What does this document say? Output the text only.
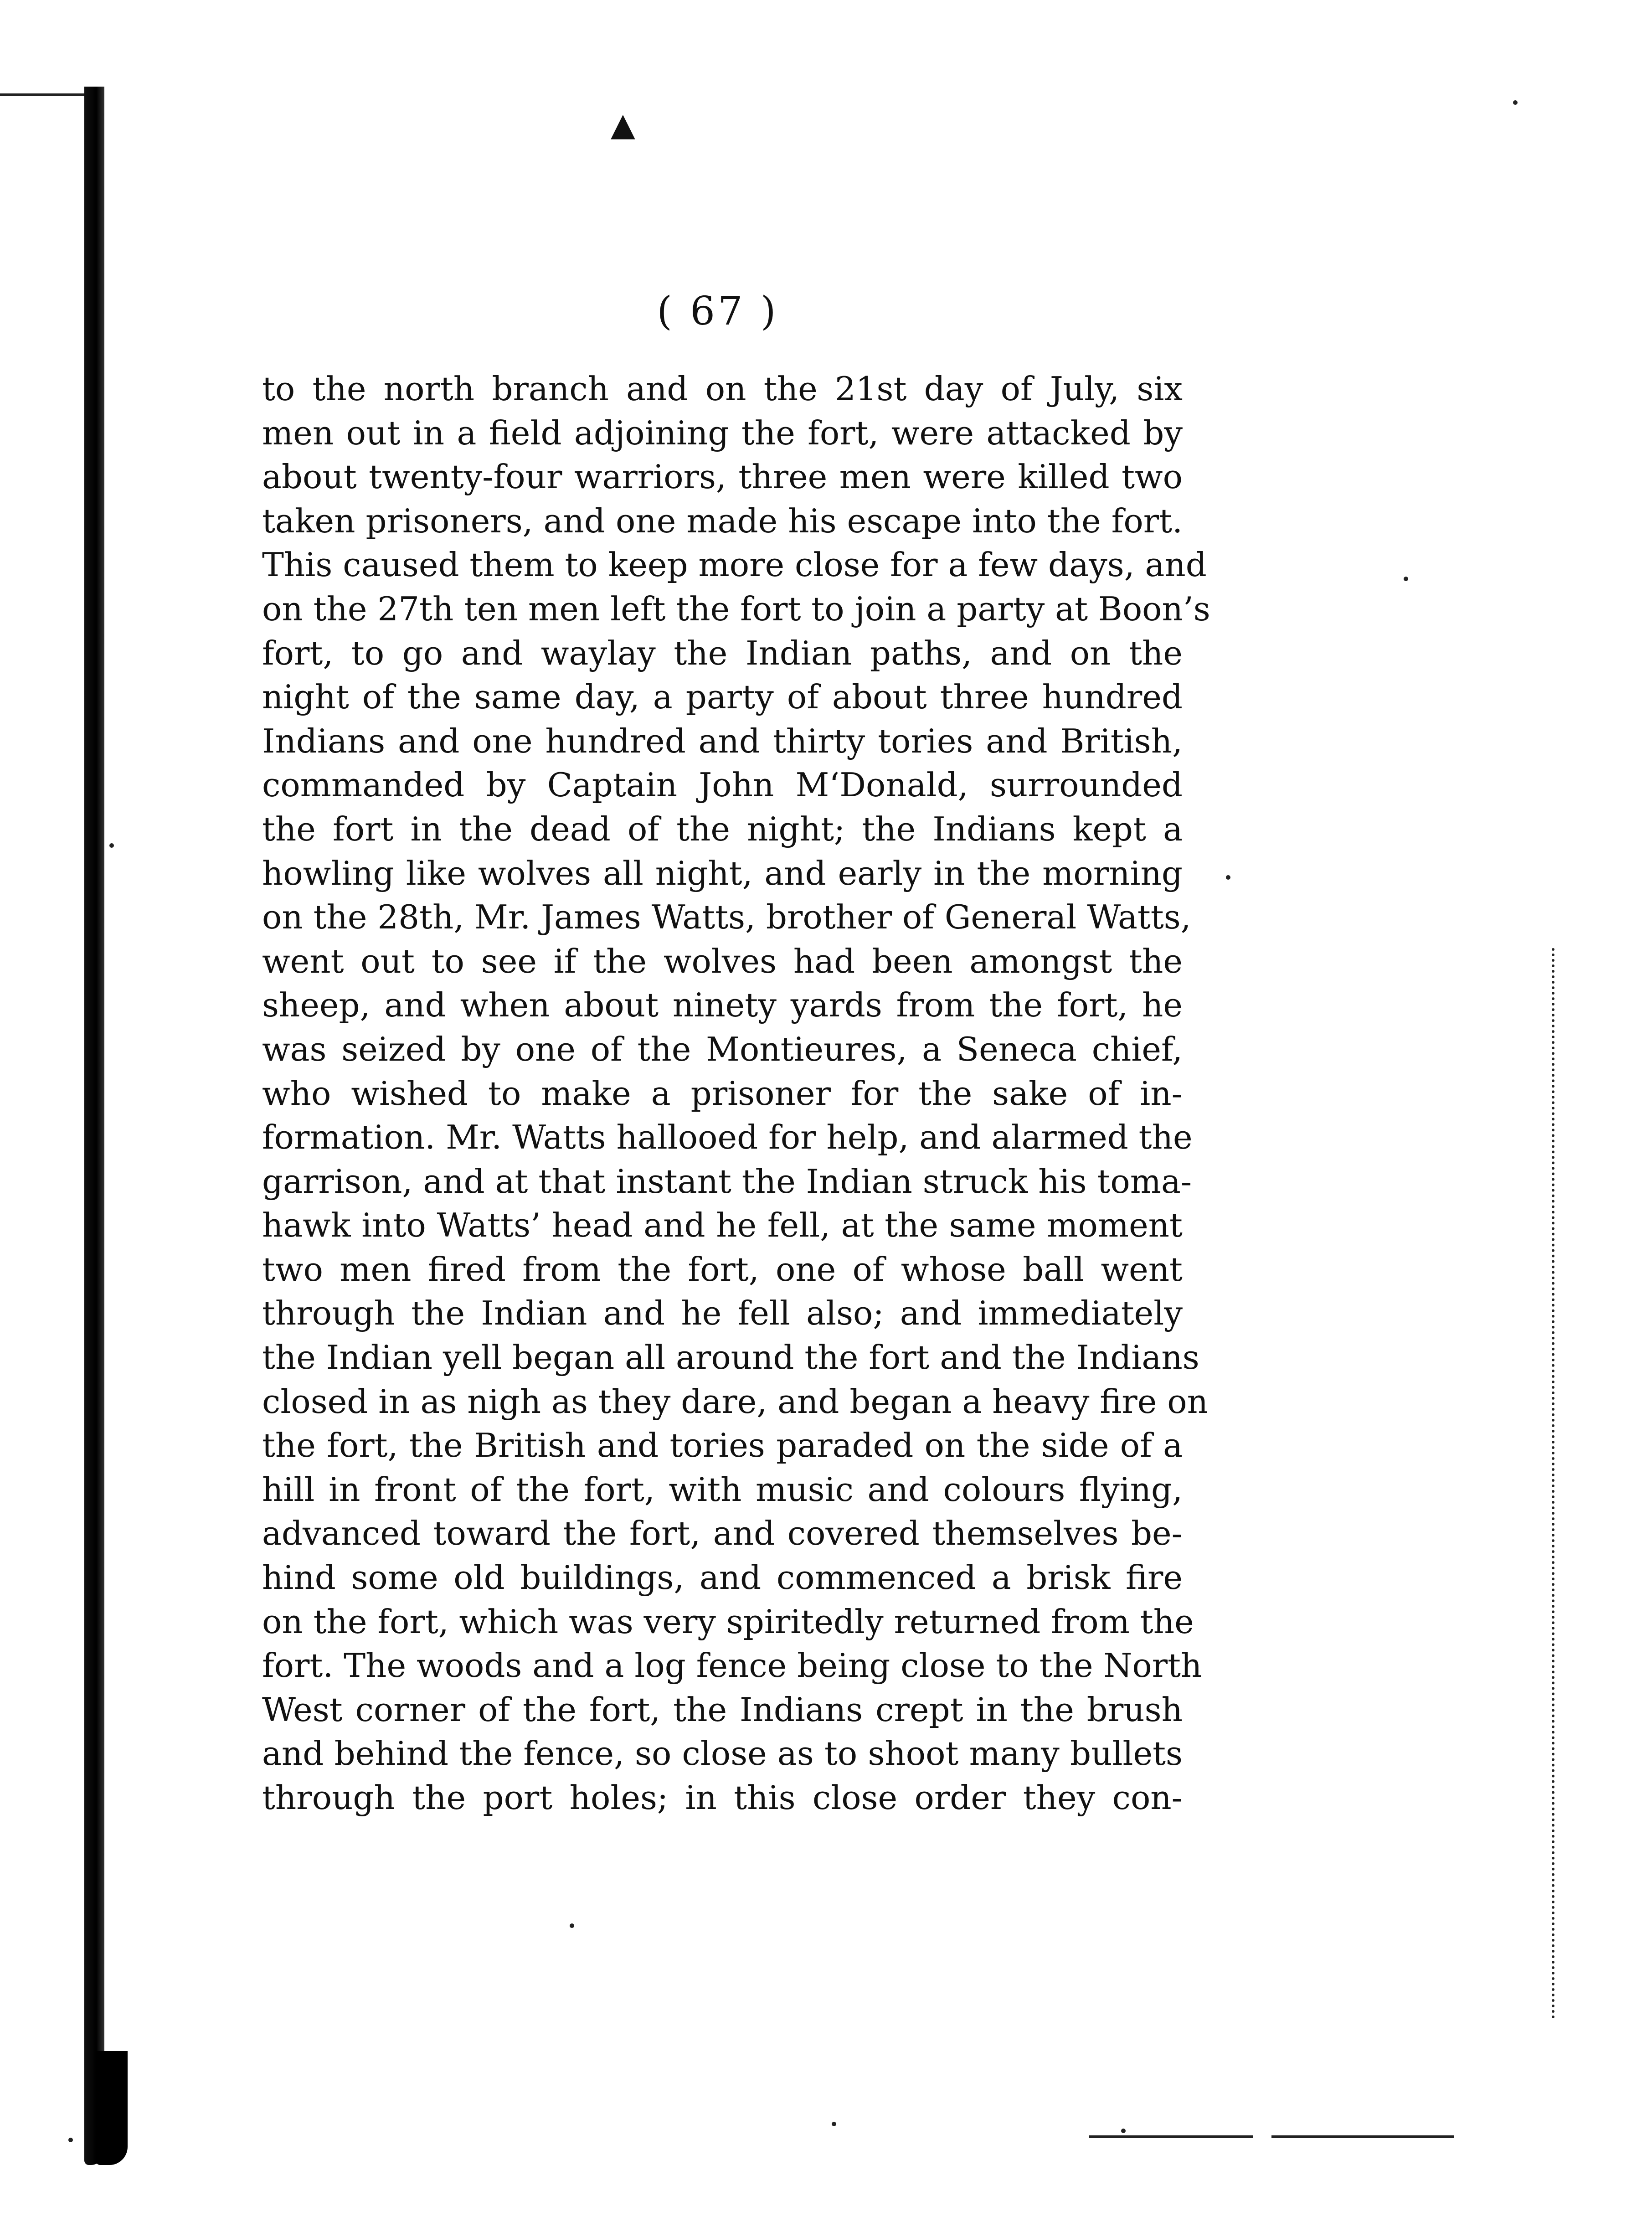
▲
( 67 )
to the north branch and on the 21st day of July, six
men out in a field adjoining the fort, were attacked by
about twenty-four warriors, three men were killed two
taken prisoners, and one made his escape into the fort.
This caused them to keep more close for a few days, and
on the 27th ten men left the fort to join a party at Boon’s
fort, to go and waylay the Indian paths, and on the
night of the same day, a party of about three hundred
Indians and one hundred and thirty tories and British,
commanded by Captain John M‘Donald, surrounded
the fort in the dead of the night; the Indians kept a
howling like wolves all night, and early in the morning
on the 28th, Mr. James Watts, brother of General Watts,
went out to see if the wolves had been amongst the
sheep, and when about ninety yards from the fort, he
was seized by one of the Montieures, a Seneca chief,
who wished to make a prisoner for the sake of in-
formation. Mr. Watts hallooed for help, and alarmed the
garrison, and at that instant the Indian struck his toma-
hawk into Watts’ head and he fell, at the same moment
two men fired from the fort, one of whose ball went
through the Indian and he fell also; and immediately
the Indian yell began all around the fort and the Indians
closed in as nigh as they dare, and began a heavy fire on
the fort, the British and tories paraded on the side of a
hill in front of the fort, with music and colours flying,
advanced toward the fort, and covered themselves be-
hind some old buildings, and commenced a brisk fire
on the fort, which was very spiritedly returned from the
fort. The woods and a log fence being close to the North
West corner of the fort, the Indians crept in the brush
and behind the fence, so close as to shoot many bullets
through the port holes; in this close order they con-
